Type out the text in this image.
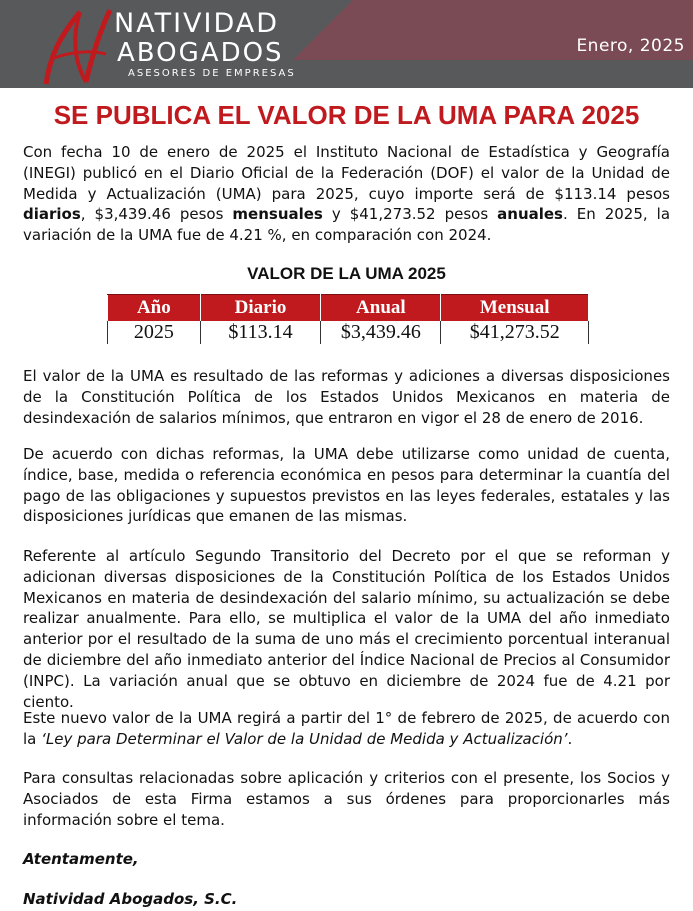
NATIVIDAD
ABOGADOS
ASESORES DE EMPRESAS
Enero, 2025
SE PUBLICA EL VALOR DE LA UMA PARA 2025
Con fecha 10 de enero de 2025 el Instituto Nacional de Estadística y Geografía (INEGI) publicó en el Diario Oficial de la Federación (DOF) el valor de la Unidad de Medida y Actualización (UMA) para 2025, cuyo importe será de $113.14 pesos diarios, $3,439.46 pesos mensuales y $41,273.52 pesos anuales. En 2025, la variación de la UMA fue de 4.21 %, en comparación con 2024.
VALOR DE LA UMA 2025
Año	Diario	Anual	Mensual
2025	$113.14	$3,439.46	$41,273.52
El valor de la UMA es resultado de las reformas y adiciones a diversas disposiciones de la Constitución Política de los Estados Unidos Mexicanos en materia de desindexación de salarios mínimos, que entraron en vigor el 28 de enero de 2016.
De acuerdo con dichas reformas, la UMA debe utilizarse como unidad de cuenta, índice, base, medida o referencia económica en pesos para determinar la cuantía del pago de las obligaciones y supuestos previstos en las leyes federales, estatales y las disposiciones jurídicas que emanen de las mismas.
Referente al artículo Segundo Transitorio del Decreto por el que se reforman y adicionan diversas disposiciones de la Constitución Política de los Estados Unidos Mexicanos en materia de desindexación del salario mínimo, su actualización se debe realizar anualmente. Para ello, se multiplica el valor de la UMA del año inmediato anterior por el resultado de la suma de uno más el crecimiento porcentual interanual de diciembre del año inmediato anterior del Índice Nacional de Precios al Consumidor (INPC). La variación anual que se obtuvo en diciembre de 2024 fue de 4.21 por ciento.
Este nuevo valor de la UMA regirá a partir del 1° de febrero de 2025, de acuerdo con la ‘Ley para Determinar el Valor de la Unidad de Medida y Actualización’.
Para consultas relacionadas sobre aplicación y criterios con el presente, los Socios y Asociados de esta Firma estamos a sus órdenes para proporcionarles más información sobre el tema.
Atentamente,
Natividad Abogados, S.C.
